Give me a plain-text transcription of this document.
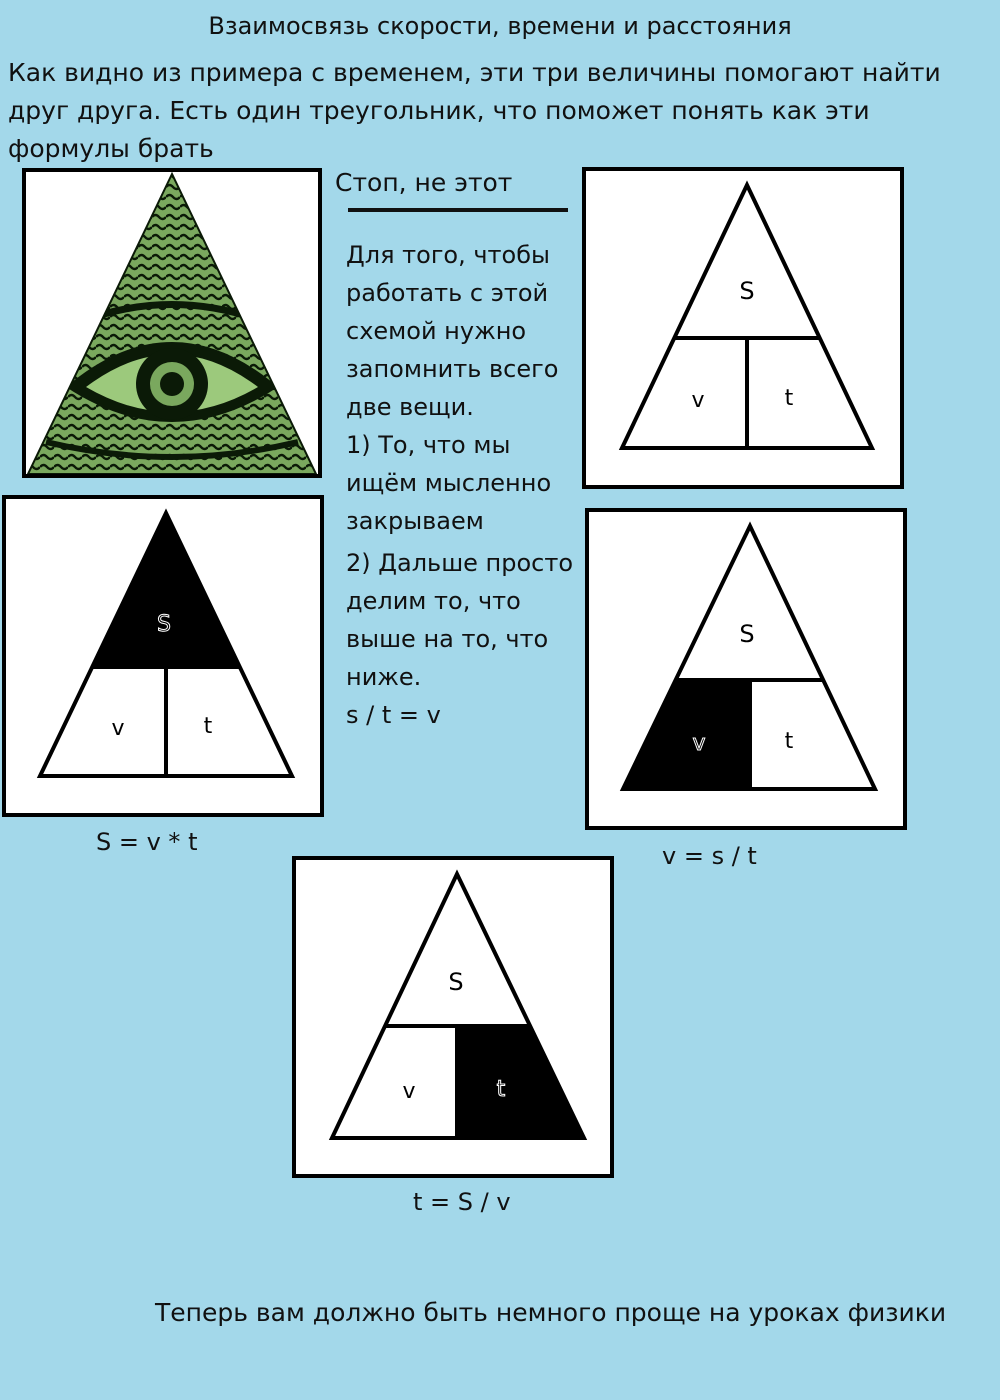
Взаимосвязь скорости, времени и расстояния

Как видно из примера с временем, эти три величины помогают найти друг друга. Есть один треугольник, что поможет понять как эти формулы брать

Стоп, не этот
Для того, чтобы
работать с этой
схемой нужно
запомнить всего
две вещи.
1) То, что мы
ищём мысленно
закрываем
2) Дальше просто
делим то, что
выше на то, что
ниже.
s / t = v
S
v	t
S
v	t
S = v * t
S
v	t
v = s / t
S
v	t
t = S / v
Теперь вам должно быть немного проще на уроках физики
